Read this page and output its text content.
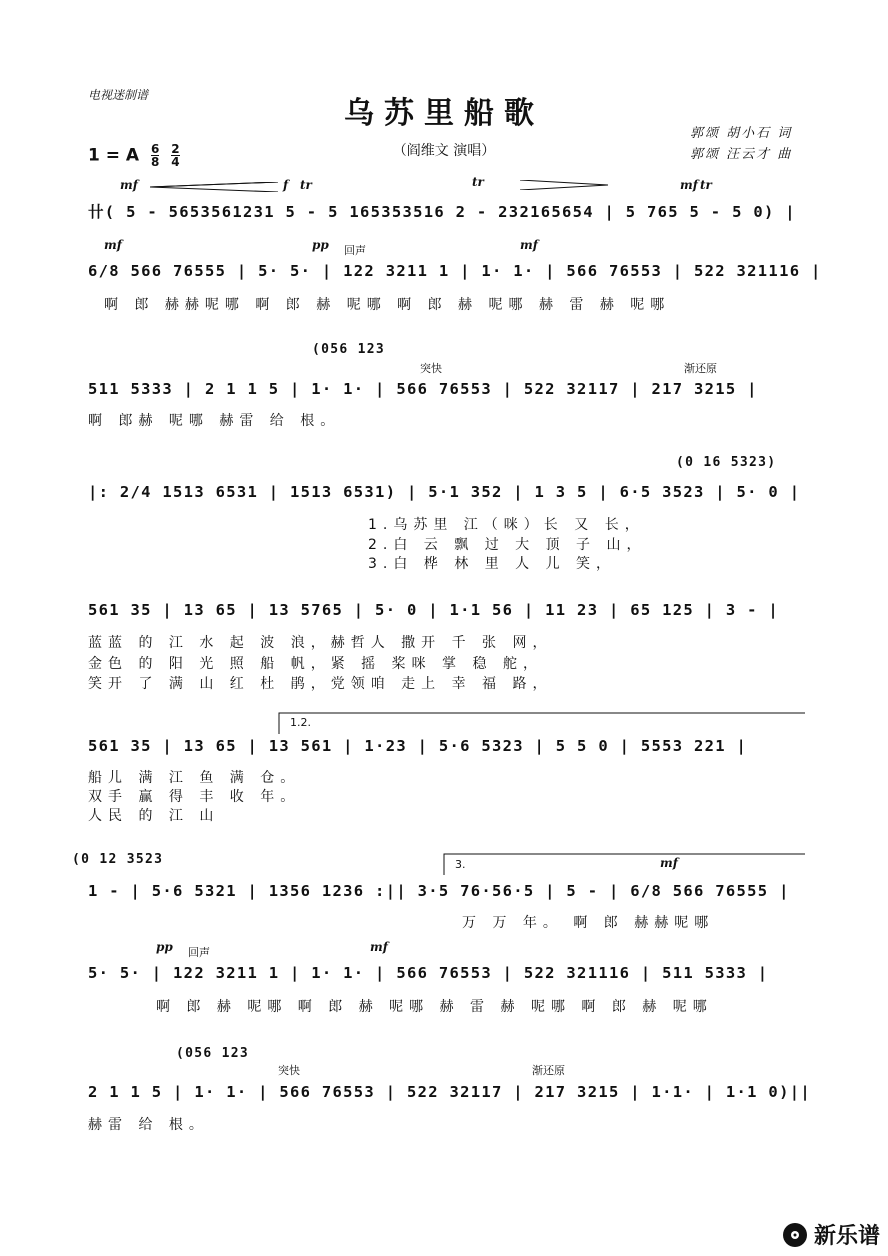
电视迷制谱
乌苏里船歌
（阎维文 演唱）
郭颂 胡小石 词
郭颂 汪云才 曲
1 = A $\frac{6}{8}$
$\frac{2}{4}$
mf	f tr	tr	mf tr
卄( 5 - 5653561231 5 - 5 165353516 2 - 232165654 | 5 765 5 - 5 0) |
mf	pp 回声	mf
6/8 566 76555 | 5· 5· | 122 3211 1 | 1· 1· | 566 76553 | 522 321116 |
啊 郎 赫赫呢哪 啊 郎 赫 呢哪 啊 郎 赫 呢哪 赫 雷 赫 呢哪
(056 123
突快	渐还原
511 5333 | 2 1 1 5 | 1· 1· | 566 76553 | 522 32117 | 217 3215 |
啊 郎赫 呢哪 赫雷 给 根。
(0 16 5323)
|: 2/4 1513 6531 | 1513 6531) | 5·1 352 | 1 3 5 | 6·5 3523 | 5· 0 |
1.乌苏里 江（咪）长 又 长，
2.白 云 飘 过 大 顶 子 山，
3.白 桦 林 里 人 儿 笑，
561 35 | 13 65 | 13 5765 | 5· 0 | 1·1 56 | 11 23 | 65 125 | 3 - |
蓝蓝 的 江 水 起 波 浪，赫哲人 撒开 千 张 网，
金色 的 阳 光 照 船 帆，紧 摇 桨咪 掌 稳 舵，
笑开 了 满 山 红 杜 鹃，党领咱 走上 幸 福 路，
1.2.
561 35 | 13 65 | 13 561 | 1·23 | 5·6 5323 | 5 5 0 | 5553 221 |
船儿 满 江 鱼 满 仓。
双手 赢 得 丰 收 年。
人民 的 江 山
(0 12 3523	3.	mf
1 - | 5·6 5321 | 1356 1236 :|| 3·5 76·56·5 | 5 - | 6/8 566 76555 |
万 万 年。 啊 郎 赫赫呢哪
pp 回声	mf
5· 5· | 122 3211 1 | 1· 1· | 566 76553 | 522 321116 | 511 5333 |
啊 郎 赫 呢哪 啊 郎 赫 呢哪 赫 雷 赫 呢哪 啊 郎 赫 呢哪
(056 123
突快	渐还原
2 1 1 5 | 1· 1· | 566 76553 | 522 32117 | 217 3215 | 1·1· | 1·1 0)||
赫雷 给 根。
新乐谱
